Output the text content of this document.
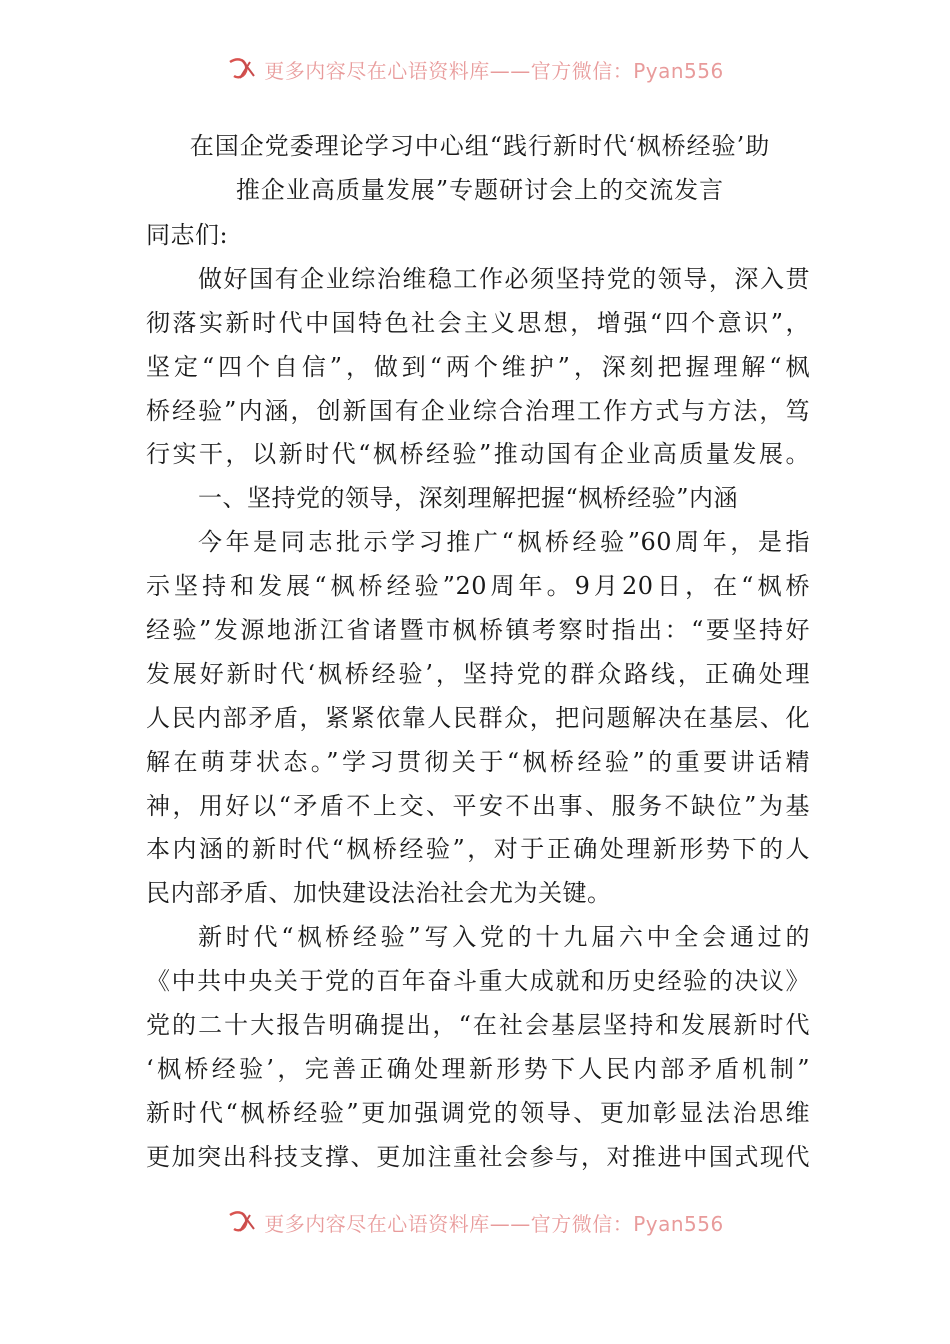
更多内容尽在心语资料库——官方微信：Pyan556
在国企党委理论学习中心组“践行新时代‘枫桥经验’助
推企业高质量发展”专题研讨会上的交流发言
同志们:
做好国有企业综治维稳工作必须坚持党的领导，深入贯
彻落实新时代中国特色社会主义思想，增强“四个意识”，
坚定“四个自信”，做到“两个维护”，深刻把握理解“枫
桥经验”内涵，创新国有企业综合治理工作方式与方法，笃
行实干，以新时代“枫桥经验”推动国有企业高质量发展。
一、坚持党的领导，深刻理解把握“枫桥经验”内涵
今年是同志批示学习推广“枫桥经验”60周年，是指
示坚持和发展“枫桥经验”20周年。9月20日，在“枫桥
经验”发源地浙江省诸暨市枫桥镇考察时指出：“要坚持好
发展好新时代‘枫桥经验’，坚持党的群众路线，正确处理
人民内部矛盾，紧紧依靠人民群众，把问题解决在基层、化
解在萌芽状态。”学习贯彻关于“枫桥经验”的重要讲话精
神，用好以“矛盾不上交、平安不出事、服务不缺位”为基
本内涵的新时代“枫桥经验”，对于正确处理新形势下的人
民内部矛盾、加快建设法治社会尤为关键。
新时代“枫桥经验”写入党的十九届六中全会通过的
《中共中央关于党的百年奋斗重大成就和历史经验的决议》
党的二十大报告明确提出，“在社会基层坚持和发展新时代
‘枫桥经验’，完善正确处理新形势下人民内部矛盾机制”
新时代“枫桥经验”更加强调党的领导、更加彰显法治思维
更加突出科技支撑、更加注重社会参与，对推进中国式现代
更多内容尽在心语资料库——官方微信：Pyan556
